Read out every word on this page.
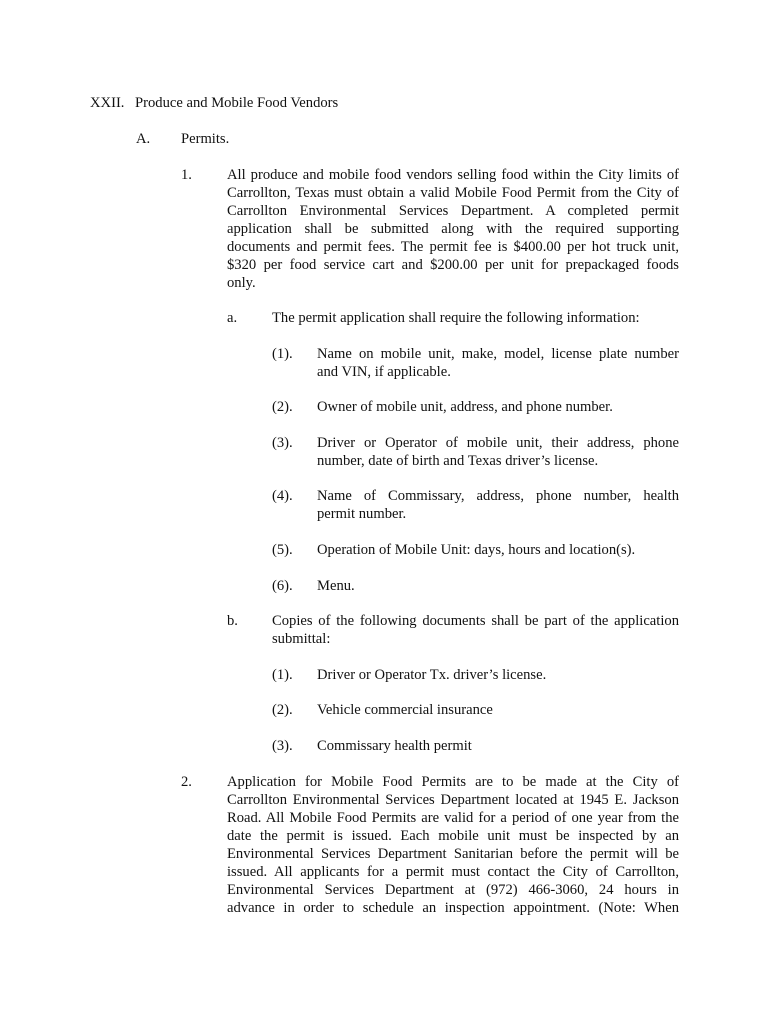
XXII. Produce and Mobile Food Vendors
A. Permits.
1. All produce and mobile food vendors selling food within the City limits of
Carrollton, Texas must obtain a valid Mobile Food Permit from the City of
Carrollton Environmental Services Department. A completed permit
application shall be submitted along with the required supporting
documents and permit fees. The permit fee is $400.00 per hot truck unit,
$320 per food service cart and $200.00 per unit for prepackaged foods
only.
a. The permit application shall require the following information:
(1). Name on mobile unit, make, model, license plate number
and VIN, if applicable.
(2). Owner of mobile unit, address, and phone number.
(3). Driver or Operator of mobile unit, their address, phone
number, date of birth and Texas driver’s license.
(4). Name of Commissary, address, phone number, health
permit number.
(5). Operation of Mobile Unit: days, hours and location(s).
(6). Menu.
b. Copies of the following documents shall be part of the application
submittal:
(1). Driver or Operator Tx. driver’s license.
(2). Vehicle commercial insurance
(3). Commissary health permit
2. Application for Mobile Food Permits are to be made at the City of
Carrollton Environmental Services Department located at 1945 E. Jackson
Road. All Mobile Food Permits are valid for a period of one year from the
date the permit is issued. Each mobile unit must be inspected by an
Environmental Services Department Sanitarian before the permit will be
issued. All applicants for a permit must contact the City of Carrollton,
Environmental Services Department at (972) 466-3060, 24 hours in
advance in order to schedule an inspection appointment. (Note: When
